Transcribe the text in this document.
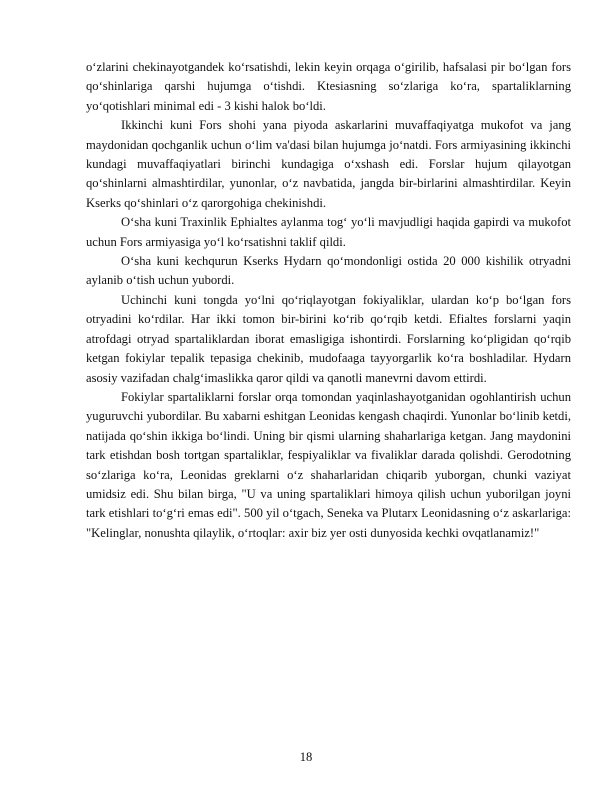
o‘zlarini chekinayotgandek ko‘rsatishdi, lekin keyin orqaga o‘girilib, hafsalasi pir bo‘lgan fors qo‘shinlariga qarshi hujumga o‘tishdi. Ktesiasning so‘zlariga ko‘ra, spartaliklarning yo‘qotishlari minimal edi - 3 kishi halok bo‘ldi.

Ikkinchi kuni Fors shohi yana piyoda askarlarini muvaffaqiyatga mukofot va jang maydonidan qochganlik uchun o‘lim va'dasi bilan hujumga jo‘natdi. Fors armiyasining ikkinchi kundagi muvaffaqiyatlari birinchi kundagiga o‘xshash edi. Forslar hujum qilayotgan qo‘shinlarni almashtirdilar, yunonlar, o‘z navbatida, jangda bir-birlarini almashtirdilar. Keyin Kserks qo‘shinlari o‘z qarorgohiga chekinishdi.

O‘sha kuni Traxinlik Ephialtes aylanma tog‘ yo‘li mavjudligi haqida gapirdi va mukofot uchun Fors armiyasiga yo‘l ko‘rsatishni taklif qildi.

O‘sha kuni kechqurun Kserks Hydarn qo‘mondonligi ostida 20 000 kishilik otryadni aylanib o‘tish uchun yubordi.

Uchinchi kuni tongda yo‘lni qo‘riqlayotgan fokiyaliklar, ulardan ko‘p bo‘lgan fors otryadini ko‘rdilar. Har ikki tomon bir-birini ko‘rib qo‘rqib ketdi. Efialtes forslarni yaqin atrofdagi otryad spartaliklardan iborat emasligiga ishontirdi. Forslarning ko‘pligidan qo‘rqib ketgan fokiylar tepalik tepasiga chekinib, mudofaaga tayyorgarlik ko‘ra boshladilar. Hydarn asosiy vazifadan chalg‘imaslikka qaror qildi va qanotli manevrni davom ettirdi.

Fokiylar spartaliklarni forslar orqa tomondan yaqinlashayotganidan ogohlantirish uchun yuguruvchi yubordilar. Bu xabarni eshitgan Leonidas kengash chaqirdi. Yunonlar bo‘linib ketdi, natijada qo‘shin ikkiga bo‘lindi. Uning bir qismi ularning shaharlariga ketgan. Jang maydonini tark etishdan bosh tortgan spartaliklar, fespiyaliklar va fivaliklar darada qolishdi. Gerodotning so‘zlariga ko‘ra, Leonidas greklarni o‘z shaharlaridan chiqarib yuborgan, chunki vaziyat umidsiz edi. Shu bilan birga, "U va uning spartaliklari himoya qilish uchun yuborilgan joyni tark etishlari to‘g‘ri emas edi". 500 yil o‘tgach, Seneka va Plutarx Leonidasning o‘z askarlariga: "Kelinglar, nonushta qilaylik, o‘rtoqlar: axir biz yer osti dunyosida kechki ovqatlanamiz!"

18
